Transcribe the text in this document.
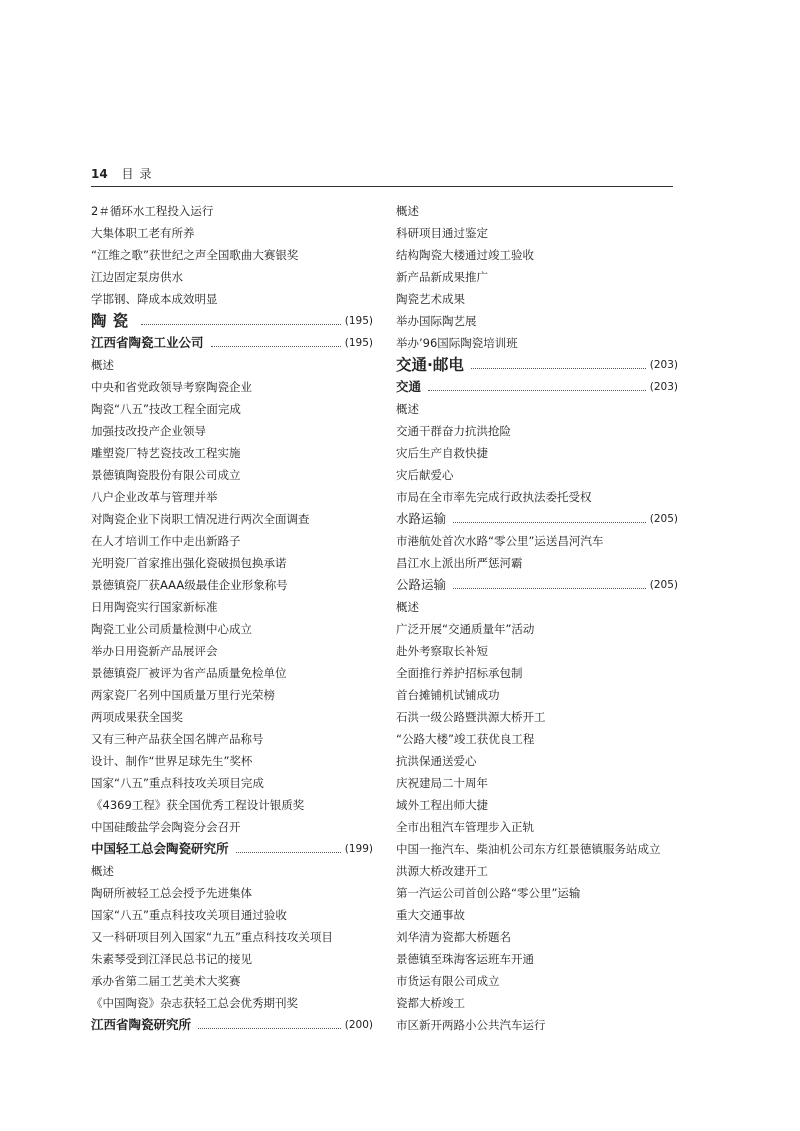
14 目录
2＃循环水工程投入运行
大集体职工老有所养
“江维之歌”获世纪之声全国歌曲大赛银奖
江边固定泵房供水
学邯钢、降成本成效明显
陶瓷	(195)
江西省陶瓷工业公司	(195)
概述
中央和省党政领导考察陶瓷企业
陶瓷“八五”技改工程全面完成
加强技改投产企业领导
雕塑瓷厂特艺瓷技改工程实施
景德镇陶瓷股份有限公司成立
八户企业改革与管理并举
对陶瓷企业下岗职工情况进行两次全面调查
在人才培训工作中走出新路子
光明瓷厂首家推出强化瓷破损包换承诺
景德镇瓷厂获AAA级最佳企业形象称号
日用陶瓷实行国家新标准
陶瓷工业公司质量检测中心成立
举办日用瓷新产品展评会
景德镇瓷厂被评为省产品质量免检单位
两家瓷厂名列中国质量万里行光荣榜
两项成果获全国奖
又有三种产品获全国名牌产品称号
设计、制作“世界足球先生”奖杯
国家“八五”重点科技攻关项目完成
《4369工程》获全国优秀工程设计银质奖
中国硅酸盐学会陶瓷分会召开
中国轻工总会陶瓷研究所	(199)
概述
陶研所被轻工总会授予先进集体
国家“八五”重点科技攻关项目通过验收
又一科研项目列入国家“九五”重点科技攻关项目
朱素琴受到江泽民总书记的接见
承办省第二届工艺美术大奖赛
《中国陶瓷》杂志获轻工总会优秀期刊奖
江西省陶瓷研究所	(200)
概述
科研项目通过鉴定
结构陶瓷大楼通过竣工验收
新产品新成果推广
陶瓷艺术成果
举办国际陶艺展
举办’96国际陶瓷培训班
交通·邮电	(203)
交通	(203)
概述
交通干群奋力抗洪抢险
灾后生产自救快捷
灾后献爱心
市局在全市率先完成行政执法委托受权
水路运输	(205)
市港航处首次水路“零公里”运送昌河汽车
昌江水上派出所严惩河霸
公路运输	(205)
概述
广泛开展“交通质量年”活动
赴外考察取长补短
全面推行养护招标承包制
首台摊铺机试铺成功
石洪一级公路暨洪源大桥开工
“公路大楼”竣工获优良工程
抗洪保通送爱心
庆祝建局二十周年
域外工程出师大捷
全市出租汽车管理步入正轨
中国一拖汽车、柴油机公司东方红景德镇服务站成立
洪源大桥改建开工
第一汽运公司首创公路“零公里”运输
重大交通事故
刘华清为瓷都大桥题名
景德镇至珠海客运班车开通
市货运有限公司成立
瓷都大桥竣工
市区新开两路小公共汽车运行
